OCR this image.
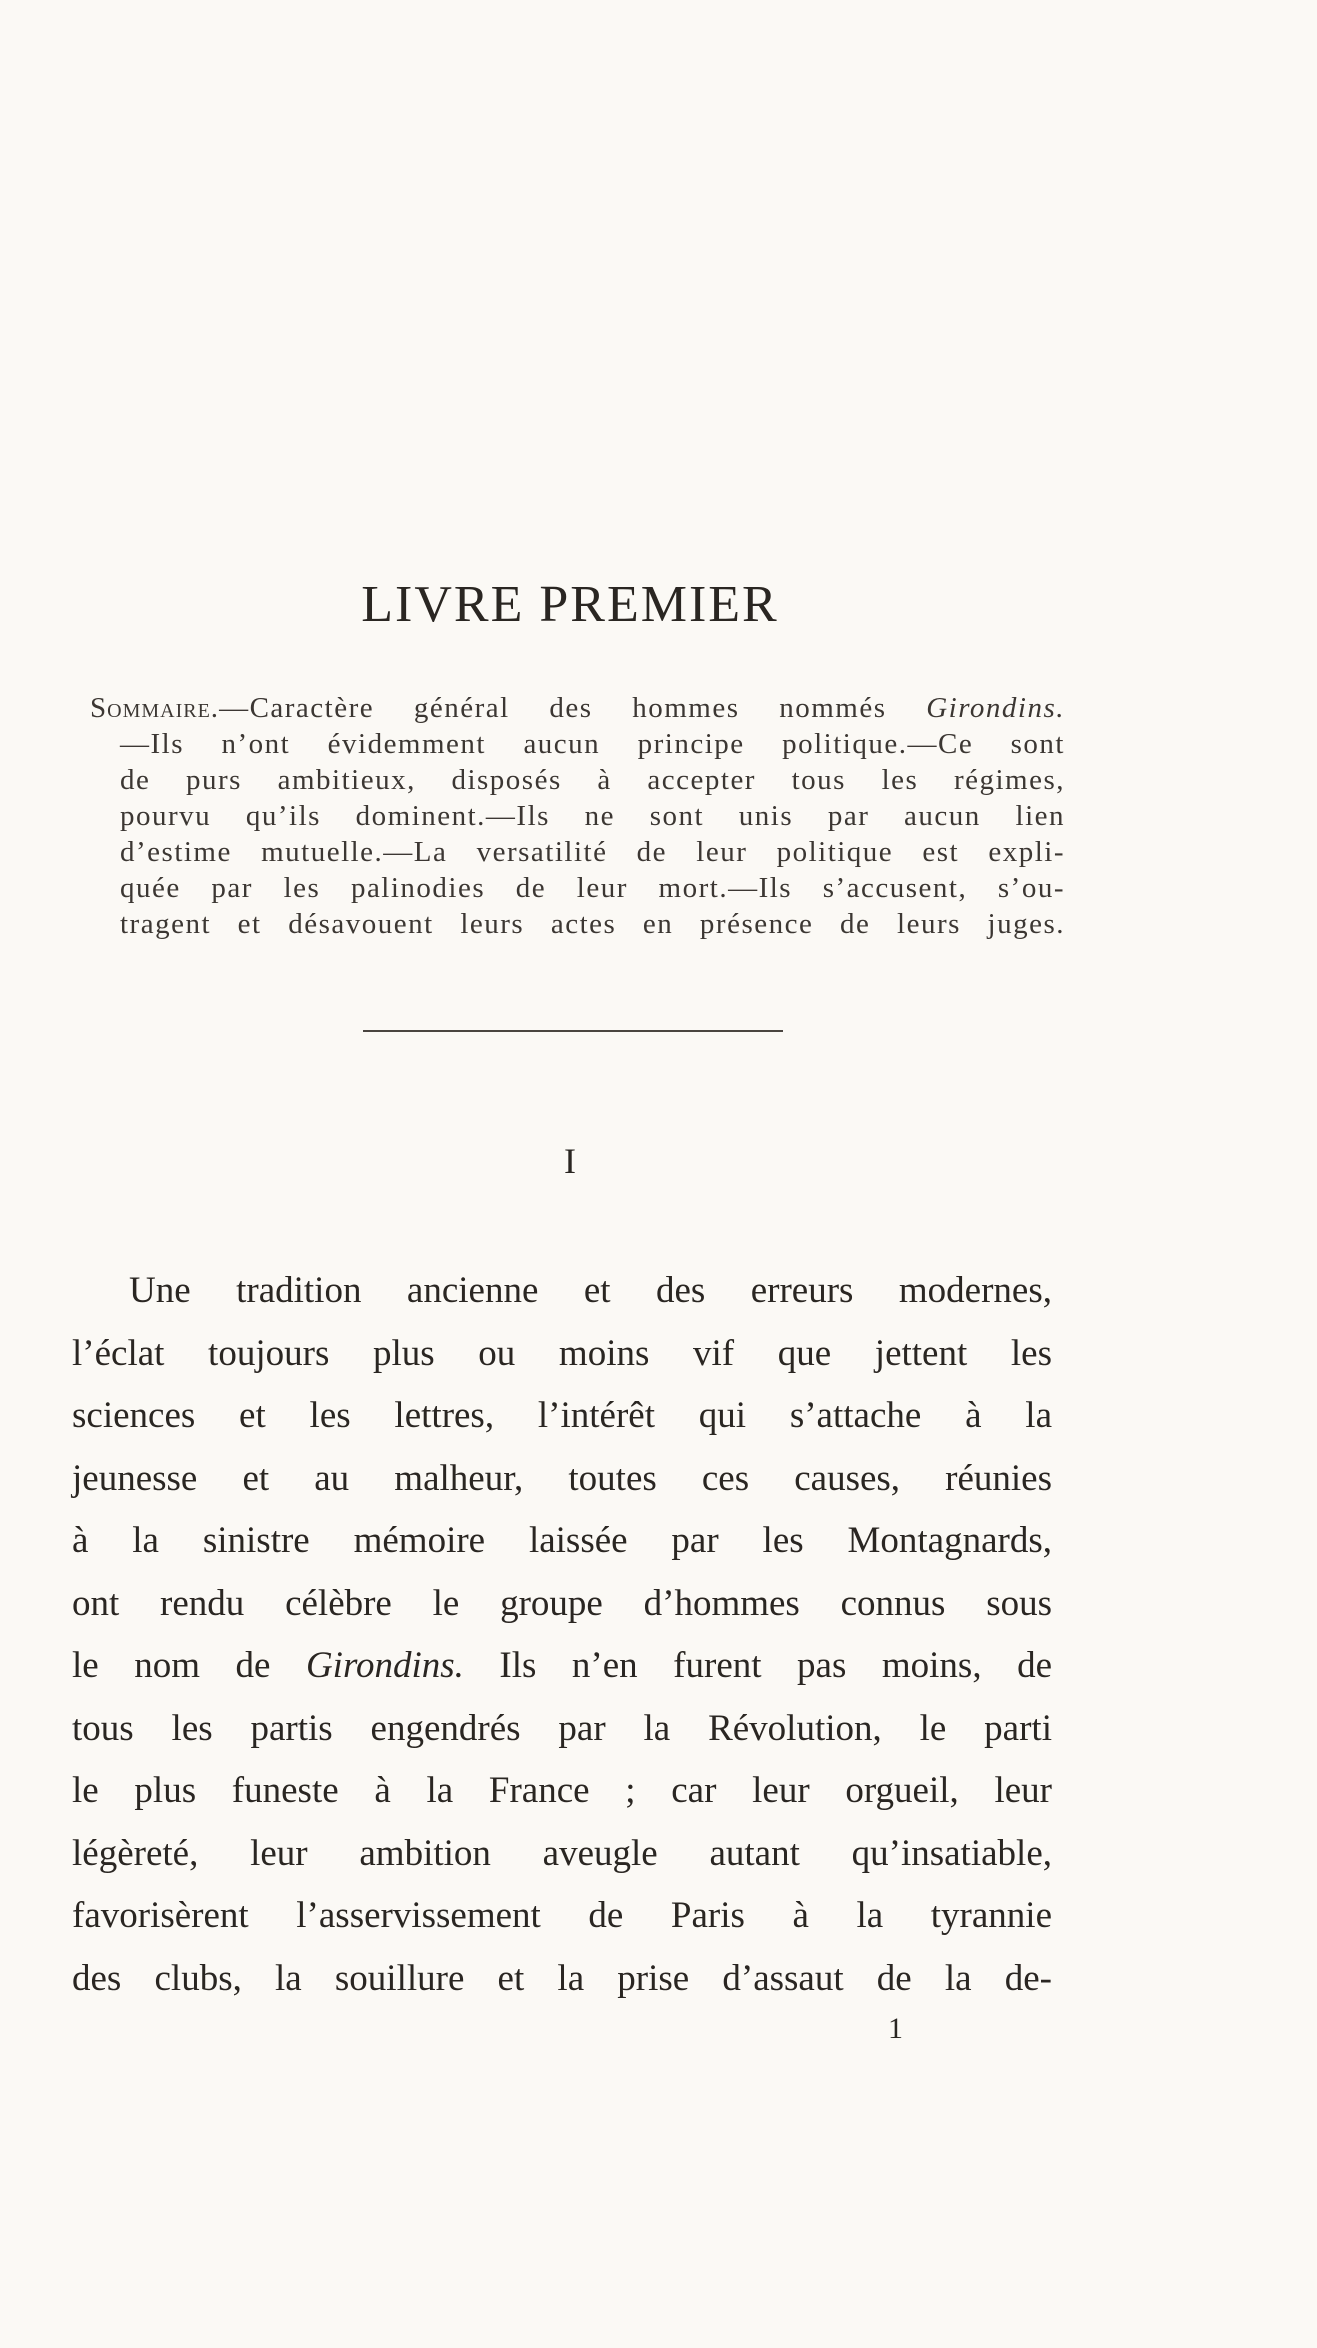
LIVRE PREMIER
Sommaire.—Caractère général des hommes nommés Girondins.
—Ils n’ont évidemment aucun principe politique.—Ce sont
de purs ambitieux, disposés à accepter tous les régimes,
pourvu qu’ils dominent.—Ils ne sont unis par aucun lien
d’estime mutuelle.—La versatilité de leur politique est expli-
quée par les palinodies de leur mort.—Ils s’accusent, s’ou-
tragent et désavouent leurs actes en présence de leurs juges.
I
Une tradition ancienne et des erreurs modernes,
l’éclat toujours plus ou moins vif que jettent les
sciences et les lettres, l’intérêt qui s’attache à la
jeunesse et au malheur, toutes ces causes, réunies
à la sinistre mémoire laissée par les Montagnards,
ont rendu célèbre le groupe d’hommes connus sous
le nom de Girondins. Ils n’en furent pas moins, de
tous les partis engendrés par la Révolution, le parti
le plus funeste à la France ; car leur orgueil, leur
légèreté, leur ambition aveugle autant qu’insatiable,
favorisèrent l’asservissement de Paris à la tyrannie
des clubs, la souillure et la prise d’assaut de la de-
1
